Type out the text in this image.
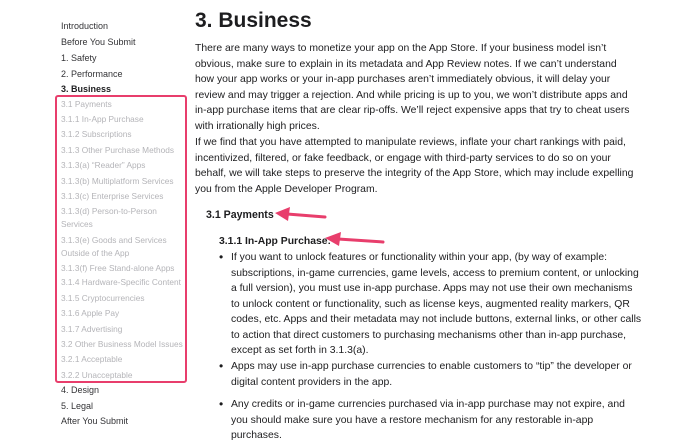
Introduction
Before You Submit
1. Safety
2. Performance
3. Business
3.1 Payments
3.1.1 In-App Purchase
3.1.2 Subscriptions
3.1.3 Other Purchase Methods
3.1.3(a) “Reader” Apps
3.1.3(b) Multiplatform Services
3.1.3(c) Enterprise Services
3.1.3(d) Person-to-Person Services
3.1.3(e) Goods and Services Outside of the App
3.1.3(f) Free Stand-alone Apps
3.1.4 Hardware-Specific Content
3.1.5 Cryptocurrencies
3.1.6 Apple Pay
3.1.7 Advertising
3.2 Other Business Model Issues
3.2.1 Acceptable
3.2.2 Unacceptable
4. Design
5. Legal
After You Submit
3. Business

There are many ways to monetize your app on the App Store. If your business model isn’t obvious, make sure to explain in its metadata and App Review notes. If we can’t understand how your app works or your in-app purchases aren’t immediately obvious, it will delay your review and may trigger a rejection. And while pricing is up to you, we won’t distribute apps and in-app purchase items that are clear rip-offs. We’ll reject expensive apps that try to cheat users with irrationally high prices.

If we find that you have attempted to manipulate reviews, inflate your chart rankings with paid, incentivized, filtered, or fake feedback, or engage with third-party services to do so on your behalf, we will take steps to preserve the integrity of the App Store, which may include expelling you from the Apple Developer Program.

3.1 Payments
3.1.1 In-App Purchase:
• If you want to unlock features or functionality within your app, (by way of example: subscriptions, in-game currencies, game levels, access to premium content, or unlocking a full version), you must use in-app purchase. Apps may not use their own mechanisms to unlock content or functionality, such as license keys, augmented reality markers, QR codes, etc. Apps and their metadata may not include buttons, external links, or other calls to action that direct customers to purchasing mechanisms other than in-app purchase, except as set forth in 3.1.3(a).

• Apps may use in-app purchase currencies to enable customers to “tip” the developer or digital content providers in the app.

• Any credits or in-game currencies purchased via in-app purchase may not expire, and you should make sure you have a restore mechanism for any restorable in-app purchases.
